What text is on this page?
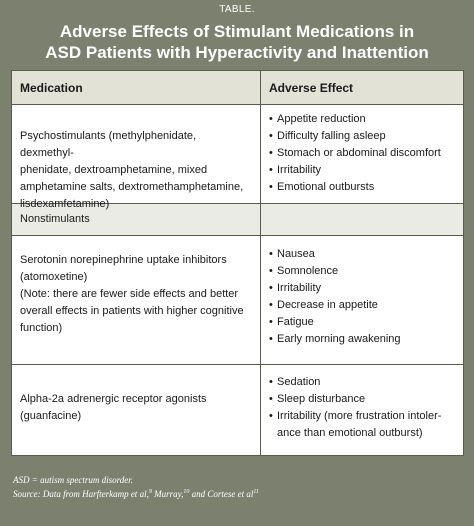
TABLE.
Adverse Effects of Stimulant Medications in
ASD Patients with Hyperactivity and Inattention
Medication	Adverse Effect
Psychostimulants (methylphenidate, dexmethyl-
phenidate, dextroamphetamine, mixed
amphetamine salts, dextromethamphetamine,
lisdexamfetamine)
• Appetite reduction
• Difficulty falling asleep
• Stomach or abdominal discomfort
• Irritability
• Emotional outbursts
Nonstimulants
Serotonin norepinephrine uptake inhibitors
(atomoxetine)
(Note: there are fewer side effects and better
overall effects in patients with higher cognitive
function)
• Nausea
• Somnolence
• Irritability
• Decrease in appetite
• Fatigue
• Early morning awakening
Alpha-2a adrenergic receptor agonists
(guanfacine)
• Sedation
• Sleep disturbance
• Irritability (more frustration intoler-
ance than emotional outburst)
ASD = autism spectrum disorder.
Source: Data from Harfterkamp et al,$^9$ Murray,$^{10}$ and Cortese et $al^{11}$
